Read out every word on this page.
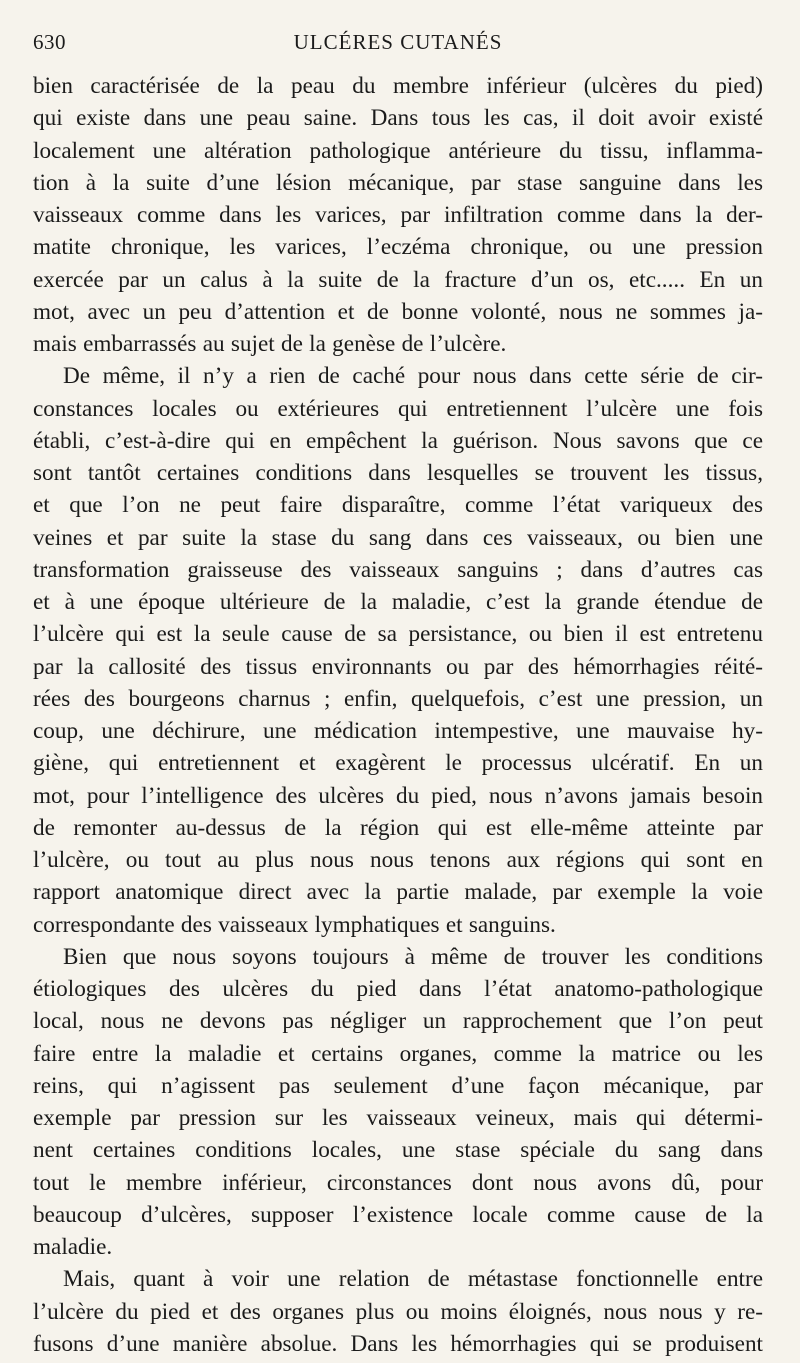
630	ULCÉRES CUTANÉS
bien caractérisée de la peau du membre inférieur (ulcères du pied)
qui existe dans une peau saine. Dans tous les cas, il doit avoir existé
localement une altération pathologique antérieure du tissu, inflamma-
tion à la suite d’une lésion mécanique, par stase sanguine dans les
vaisseaux comme dans les varices, par infiltration comme dans la der-
matite chronique, les varices, l’eczéma chronique, ou une pression
exercée par un calus à la suite de la fracture d’un os, etc..... En un
mot, avec un peu d’attention et de bonne volonté, nous ne sommes ja-
mais embarrassés au sujet de la genèse de l’ulcère.
De même, il n’y a rien de caché pour nous dans cette série de cir-
constances locales ou extérieures qui entretiennent l’ulcère une fois
établi, c’est-à-dire qui en empêchent la guérison. Nous savons que ce
sont tantôt certaines conditions dans lesquelles se trouvent les tissus,
et que l’on ne peut faire disparaître, comme l’état variqueux des
veines et par suite la stase du sang dans ces vaisseaux, ou bien une
transformation graisseuse des vaisseaux sanguins ; dans d’autres cas
et à une époque ultérieure de la maladie, c’est la grande étendue de
l’ulcère qui est la seule cause de sa persistance, ou bien il est entretenu
par la callosité des tissus environnants ou par des hémorrhagies réité-
rées des bourgeons charnus ; enfin, quelquefois, c’est une pression, un
coup, une déchirure, une médication intempestive, une mauvaise hy-
giène, qui entretiennent et exagèrent le processus ulcératif. En un
mot, pour l’intelligence des ulcères du pied, nous n’avons jamais besoin
de remonter au-dessus de la région qui est elle-même atteinte par
l’ulcère, ou tout au plus nous nous tenons aux régions qui sont en
rapport anatomique direct avec la partie malade, par exemple la voie
correspondante des vaisseaux lymphatiques et sanguins.
Bien que nous soyons toujours à même de trouver les conditions
étiologiques des ulcères du pied dans l’état anatomo-pathologique
local, nous ne devons pas négliger un rapprochement que l’on peut
faire entre la maladie et certains organes, comme la matrice ou les
reins, qui n’agissent pas seulement d’une façon mécanique, par
exemple par pression sur les vaisseaux veineux, mais qui détermi-
nent certaines conditions locales, une stase spéciale du sang dans
tout le membre inférieur, circonstances dont nous avons dû, pour
beaucoup d’ulcères, supposer l’existence locale comme cause de la
maladie.
Mais, quant à voir une relation de métastase fonctionnelle entre
l’ulcère du pied et des organes plus ou moins éloignés, nous nous y re-
fusons d’une manière absolue. Dans les hémorrhagies qui se produisent
